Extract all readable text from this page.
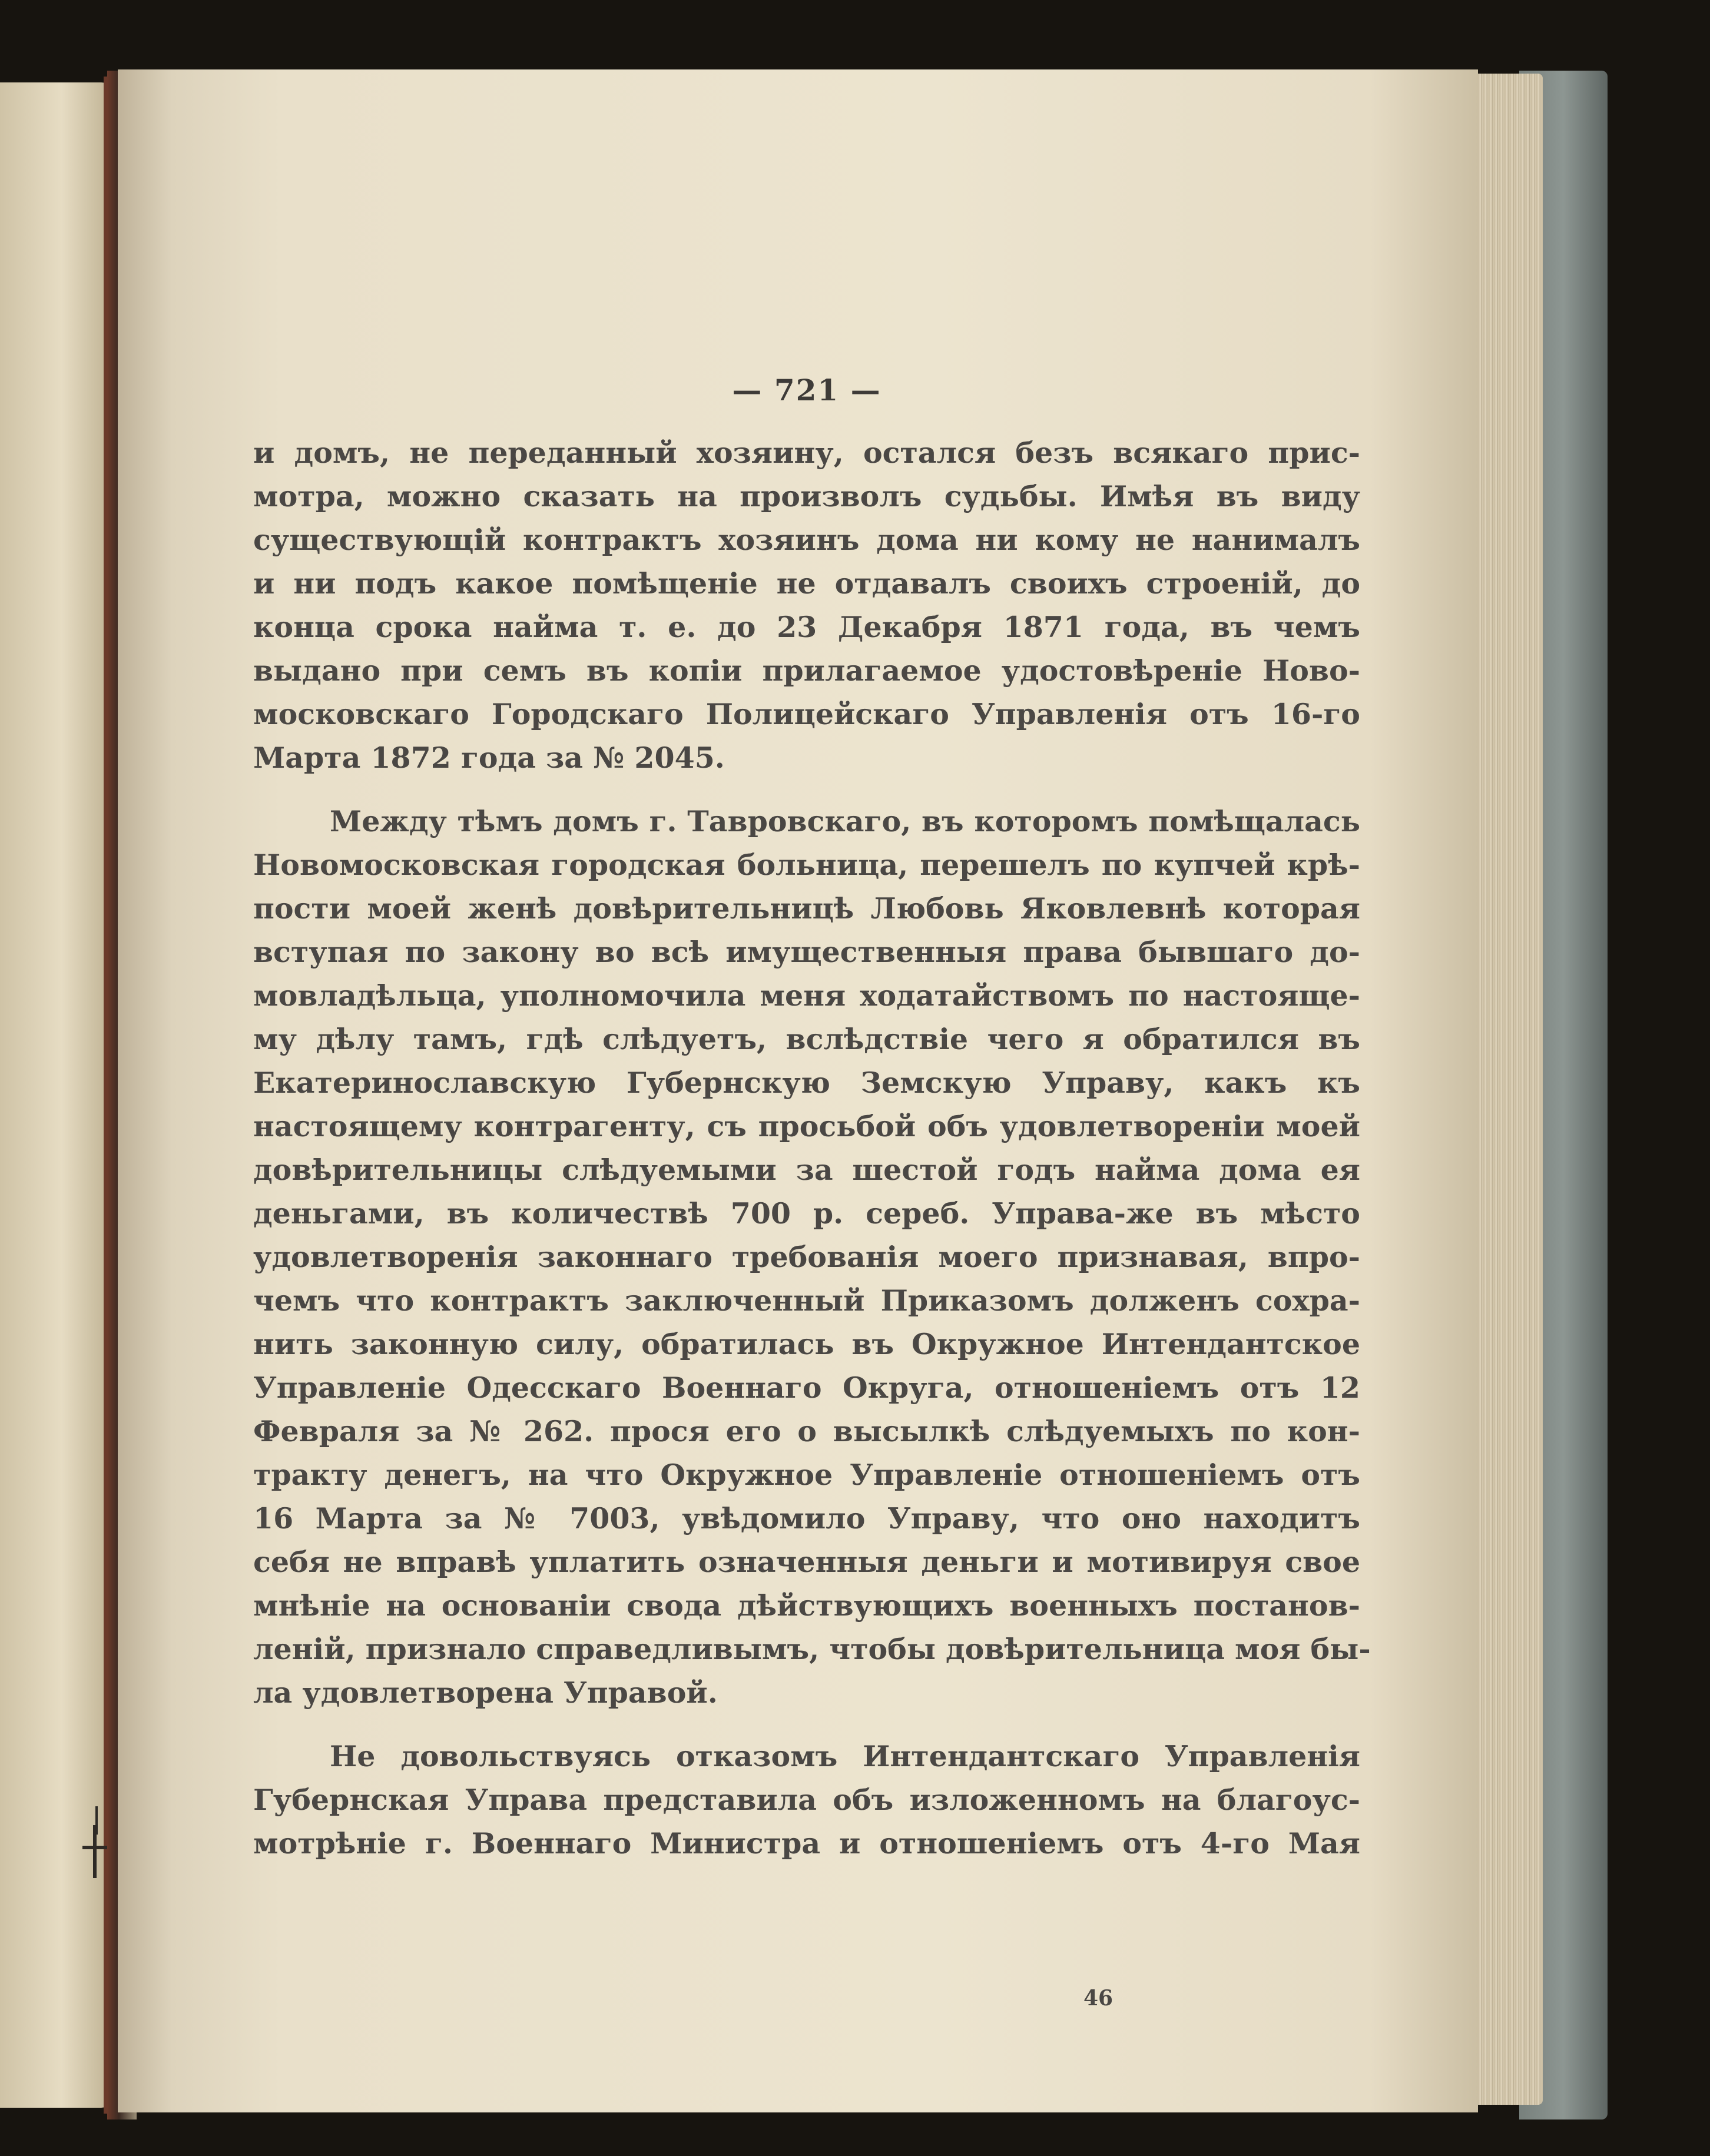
— 721 —
и домъ, не переданный хозяину, остался безъ всякаго прис-
мотра, можно сказать на произволъ судьбы. Имѣя въ виду
существующій контрактъ хозяинъ дома ни кому не нанималъ
и ни подъ какое помѣщеніе не отдавалъ своихъ строеній, до
конца срока найма т. е. до 23 Декабря 1871 года, въ чемъ
выдано при семъ въ копіи прилагаемое удостовѣреніе Ново-
московскаго Городскаго Полицейскаго Управленія отъ 16-го
Марта 1872 года за № 2045.
Между тѣмъ домъ г. Тавровскаго, въ которомъ помѣщалась
Новомосковская городская больница, перешелъ по купчей крѣ-
пости моей женѣ довѣрительницѣ Любовь Яковлевнѣ которая
вступая по закону во всѣ имущественныя права бывшаго до-
мовладѣльца, уполномочила меня ходатайствомъ по настояще-
му дѣлу тамъ, гдѣ слѣдуетъ, вслѣдствіе чего я обратился въ
Екатеринославскую Губернскую Земскую Управу, какъ къ
настоящему контрагенту, съ просьбой объ удовлетвореніи моей
довѣрительницы слѣдуемыми за шестой годъ найма дома ея
деньгами, въ количествѣ 700 р. сереб. Управа-же въ мѣсто
удовлетворенія законнаго требованія моего признавая, впро-
чемъ что контрактъ заключенный Приказомъ долженъ сохра-
нить законную силу, обратилась въ Окружное Интендантское
Управленіе Одесскаго Военнаго Округа, отношеніемъ отъ 12
Февраля за № 262. прося его о высылкѣ слѣдуемыхъ по кон-
тракту денегъ, на что Окружное Управленіе отношеніемъ отъ
16 Марта за № 7003, увѣдомило Управу, что оно находитъ
себя не вправѣ уплатить означенныя деньги и мотивируя свое
мнѣніе на основаніи свода дѣйствующихъ военныхъ постанов-
леній, признало справедливымъ, чтобы довѣрительница моя бы-
ла удовлетворена Управой.
Не довольствуясь отказомъ Интендантскаго Управленія
Губернская Управа представила объ изложенномъ на благоус-
мотрѣніе г. Военнаго Министра и отношеніемъ отъ 4-го Мая
46
